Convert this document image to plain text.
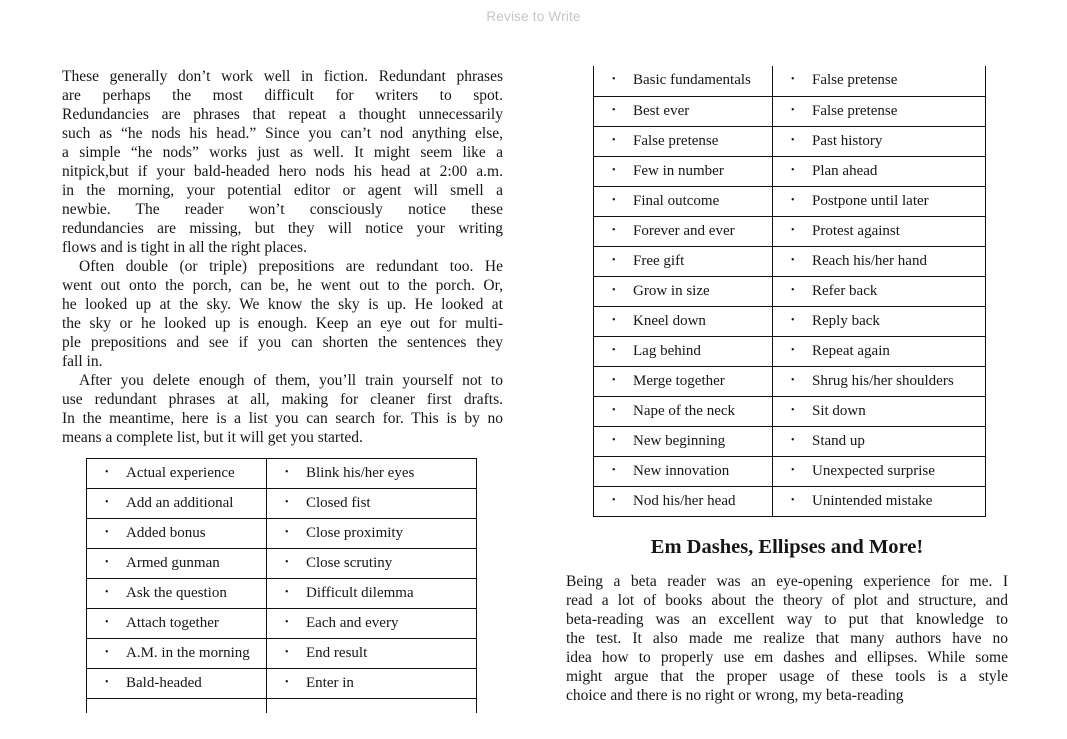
Revise to Write
These generally don’t work well in fiction. Redundant phrases
are perhaps the most difficult for writers to spot.
Redundancies are phrases that repeat a thought unnecessarily
such as “he nods his head.” Since you can’t nod anything else,
a simple “he nods” works just as well. It might seem like a
nitpick,but if your bald-headed hero nods his head at 2:00 a.m.
in the morning, your potential editor or agent will smell a
newbie. The reader won’t consciously notice these
redundancies are missing, but they will notice your writing
flows and is tight in all the right places.
Often double (or triple) prepositions are redundant too. He
went out onto the porch, can be, he went out to the porch. Or,
he looked up at the sky. We know the sky is up. He looked at
the sky or he looked up is enough. Keep an eye out for multi-
ple prepositions and see if you can shorten the sentences they
fall in.
After you delete enough of them, you’ll train yourself not to
use redundant phrases at all, making for cleaner first drafts.
In the meantime, here is a list you can search for. This is by no
means a complete list, but it will get you started.
• Actual experience	• Blink his/her eyes
• Add an additional	• Closed fist
• Added bonus	• Close proximity
• Armed gunman	• Close scrutiny
• Ask the question	• Difficult dilemma
• Attach together	• Each and every
• A.M. in the morning	• End result
• Bald-headed	• Enter in

• Basic fundamentals	• False pretense
• Best ever	• False pretense
• False pretense	• Past history
• Few in number	• Plan ahead
• Final outcome	• Postpone until later
• Forever and ever	• Protest against
• Free gift	• Reach his/her hand
• Grow in size	• Refer back
• Kneel down	• Reply back
• Lag behind	• Repeat again
• Merge together	• Shrug his/her shoulders
• Nape of the neck	• Sit down
• New beginning	• Stand up
• New innovation	• Unexpected surprise
• Nod his/her head	• Unintended mistake
Em Dashes, Ellipses and More!
Being a beta reader was an eye-opening experience for me. I
read a lot of books about the theory of plot and structure, and
beta-reading was an excellent way to put that knowledge to
the test. It also made me realize that many authors have no
idea how to properly use em dashes and ellipses. While some
might argue that the proper usage of these tools is a style
choice and there is no right or wrong, my beta-reading
